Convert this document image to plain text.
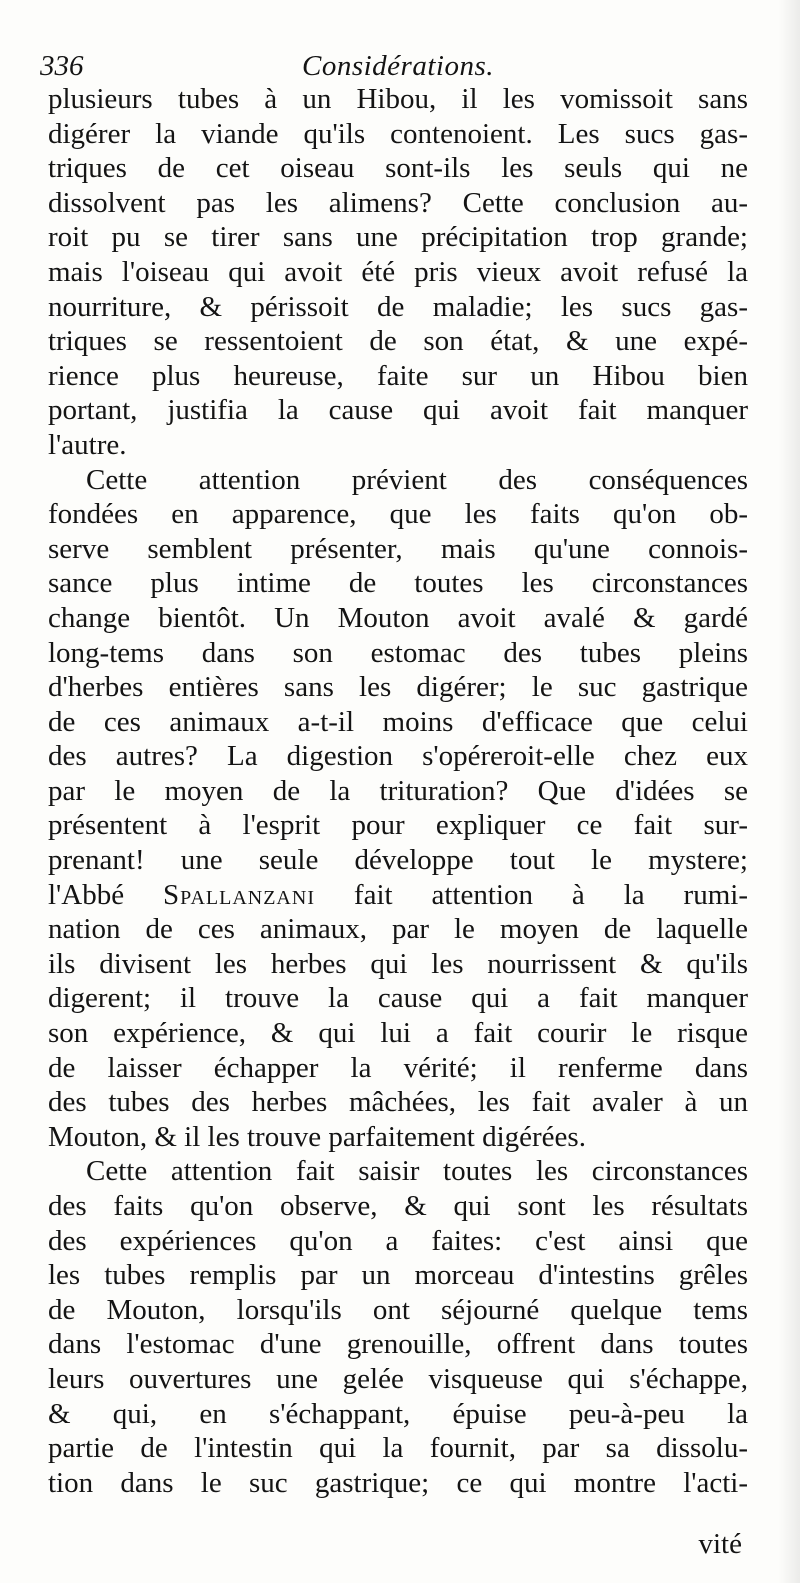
336	Considérations.
plusieurs tubes à un Hibou, il les vomissoit sans
digérer la viande qu'ils contenoient. Les sucs gas-
triques de cet oiseau sont-ils les seuls qui ne
dissolvent pas les alimens? Cette conclusion au-
roit pu se tirer sans une précipitation trop grande;
mais l'oiseau qui avoit été pris vieux avoit refusé la
nourriture, & périssoit de maladie; les sucs gas-
triques se ressentoient de son état, & une expé-
rience plus heureuse, faite sur un Hibou bien
portant, justifia la cause qui avoit fait manquer
l'autre.
Cette attention prévient des conséquences
fondées en apparence, que les faits qu'on ob-
serve semblent présenter, mais qu'une connois-
sance plus intime de toutes les circonstances
change bientôt. Un Mouton avoit avalé & gardé
long-tems dans son estomac des tubes pleins
d'herbes entières sans les digérer; le suc gastrique
de ces animaux a-t-il moins d'efficace que celui
des autres? La digestion s'opéreroit-elle chez eux
par le moyen de la trituration? Que d'idées se
présentent à l'esprit pour expliquer ce fait sur-
prenant! une seule développe tout le mystere;
l'Abbé Spallanzani fait attention à la rumi-
nation de ces animaux, par le moyen de laquelle
ils divisent les herbes qui les nourrissent & qu'ils
digerent; il trouve la cause qui a fait manquer
son expérience, & qui lui a fait courir le risque
de laisser échapper la vérité; il renferme dans
des tubes des herbes mâchées, les fait avaler à un
Mouton, & il les trouve parfaitement digérées.
Cette attention fait saisir toutes les circonstances
des faits qu'on observe, & qui sont les résultats
des expériences qu'on a faites: c'est ainsi que
les tubes remplis par un morceau d'intestins grêles
de Mouton, lorsqu'ils ont séjourné quelque tems
dans l'estomac d'une grenouille, offrent dans toutes
leurs ouvertures une gelée visqueuse qui s'échappe,
& qui, en s'échappant, épuise peu-à-peu la
partie de l'intestin qui la fournit, par sa dissolu-
tion dans le suc gastrique; ce qui montre l'acti-
vité
